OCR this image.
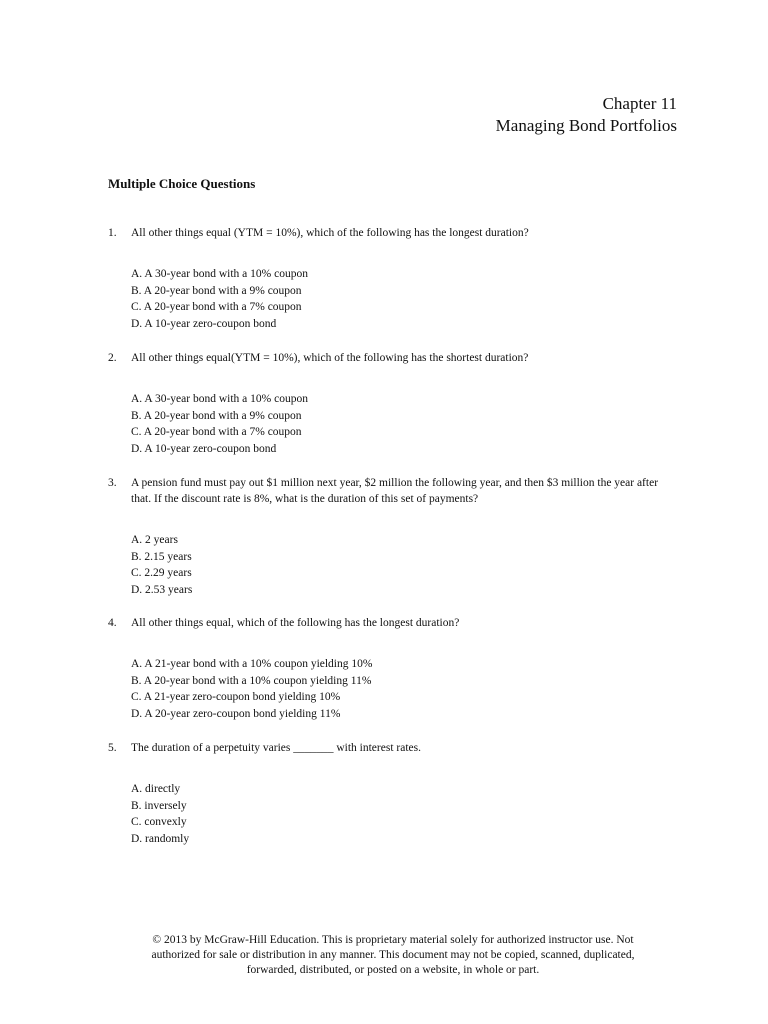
Chapter 11
Managing Bond Portfolios
Multiple Choice Questions
1. All other things equal (YTM = 10%), which of the following has the longest duration?
A. A 30-year bond with a 10% coupon
B. A 20-year bond with a 9% coupon
C. A 20-year bond with a 7% coupon
D. A 10-year zero-coupon bond
2. All other things equal(YTM = 10%), which of the following has the shortest duration?
A. A 30-year bond with a 10% coupon
B. A 20-year bond with a 9% coupon
C. A 20-year bond with a 7% coupon
D. A 10-year zero-coupon bond
3. A pension fund must pay out $1 million next year, $2 million the following year, and then $3 million the year after that. If the discount rate is 8%, what is the duration of this set of payments?
A. 2 years
B. 2.15 years
C. 2.29 years
D. 2.53 years
4. All other things equal, which of the following has the longest duration?
A. A 21-year bond with a 10% coupon yielding 10%
B. A 20-year bond with a 10% coupon yielding 11%
C. A 21-year zero-coupon bond yielding 10%
D. A 20-year zero-coupon bond yielding 11%
5. The duration of a perpetuity varies _______ with interest rates.
A. directly
B. inversely
C. convexly
D. randomly
© 2013 by McGraw-Hill Education. This is proprietary material solely for authorized instructor use. Not
authorized for sale or distribution in any manner. This document may not be copied, scanned, duplicated,
forwarded, distributed, or posted on a website, in whole or part.
